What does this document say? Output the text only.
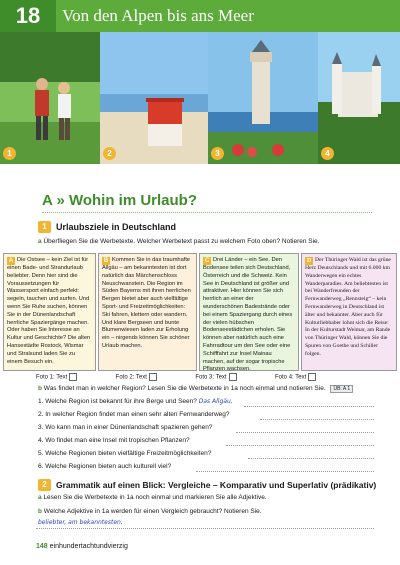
18	Von den Alpen bis ans Meer
1	2	3	4
A » Wohin im Urlaub?
1	Urlaubsziele in Deutschland
a Überfliegen Sie die Werbetexte. Welcher Werbetext passt zu welchem Foto oben? Notieren Sie.
A Die Ostsee – kein Ziel ist für einen Bade- und Strandurlaub beliebter. Denn hier sind die Voraussetzungen für Wassersport einfach perfekt: segeln, tauchen und surfen. Und wenn Sie Ruhe suchen, können Sie in der Dünenlandschaft herrliche Spaziergänge machen. Oder haben Sie Interesse an Kultur und Geschichte? Die alten Hansestädte Rostock, Wismar und Stralsund laden Sie zu einem Besuch ein.
B Kommen Sie in das traumhafte Allgäu – am bekanntesten ist dort natürlich das Märchenschloss Neuschwanstein. Die Region im Süden Bayerns mit ihren herrlichen Bergen bietet aber auch vielfältige Sport- und Freizeitmöglichkeiten: Ski fahren, klettern oder wandern. Und klare Bergseen und bunte Blumenwiesen laden zur Erholung ein – nirgends können Sie schöner Urlaub machen.
C Drei Länder – ein See. Den Bodensee teilen sich Deutschland, Österreich und die Schweiz. Kein See in Deutschland ist größer und attraktiver. Hier können Sie sich herrlich an einer der wunderschönen Badestrände oder bei einem Spaziergang durch eines der vielen hübschen Bodenseestädtchen erholen. Sie können aber natürlich auch eine Fahrradtour um den See oder eine Schifffahrt zur Insel Mainau machen, auf der sogar tropische Pflanzen wachsen.
D Der Thüringer Wald ist das grüne Herz Deutschlands und mit 6.000 km Wanderwegen ein echtes Wanderparadies. Am beliebtesten ist bei Wanderfreunden der Fernwanderweg „Rennsteig“ – kein Fernwanderweg in Deutschland ist älter und bekannter. Aber auch für Kulturliebhaber lohnt sich die Reise: In der Kulturstadt Weimar, am Rande von Thüringer Wald, können Sie die Spuren von Goethe und Schiller folgen.
Foto 1: Text	Foto 2: Text	Foto 3: Text	Foto 4: Text
b Was findet man in welcher Region? Lesen Sie die Werbetexte in 1a noch einmal und notieren Sie. ÜB: A 1
1. Welche Region ist bekannt für ihre Berge und Seen? Das Allgäu,
2. In welcher Region findet man einen sehr alten Fernwanderweg?
3. Wo kann man in einer Dünenlandschaft spazieren gehen?
4. Wo findet man eine Insel mit tropischen Pflanzen?
5. Welche Regionen bieten vielfältige Freizeitmöglichkeiten?
6. Welche Regionen bieten auch kulturell viel?
2	Grammatik auf einen Blick: Vergleiche – Komparativ und Superlativ (prädikativ)
a Lesen Sie die Werbetexte in 1a noch einmal und markieren Sie alle Adjektive.
b Welche Adjektive in 1a werden für einen Vergleich gebraucht? Notieren Sie.
beliebter, am bekanntesten,
148 einhundertachtundvierzig
